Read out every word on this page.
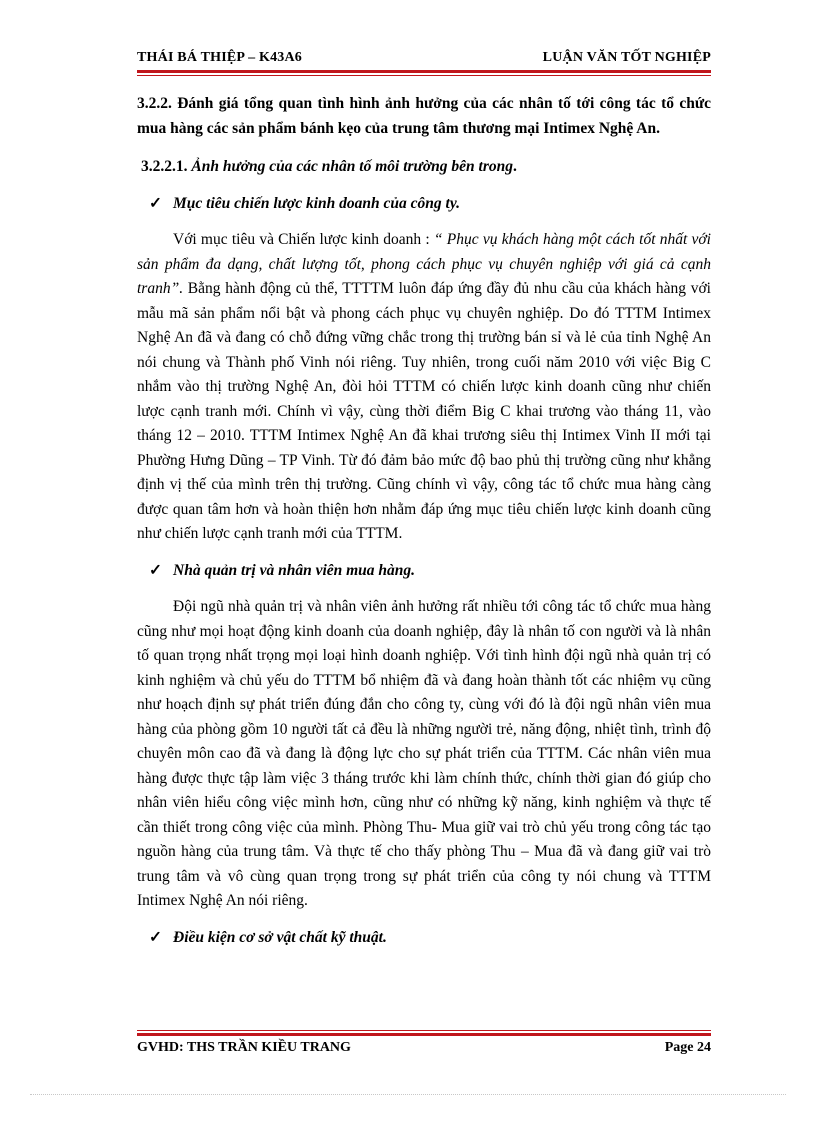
THÁI BÁ THIỆP – K43A6	LUẬN VĂN TỐT NGHIỆP

3.2.2. Đánh giá tổng quan tình hình ảnh hưởng của các nhân tố tới công tác tổ chức mua hàng các sản phẩm bánh kẹo của trung tâm thương mại Intimex Nghệ An.

3.2.2.1. Ảnh hưởng của các nhân tố môi trường bên trong.
✓ Mục tiêu chiến lược kinh doanh của công ty.

Với mục tiêu và Chiến lược kinh doanh : “ Phục vụ khách hàng một cách tốt nhất với sản phẩm đa dạng, chất lượng tốt, phong cách phục vụ chuyên nghiệp với giá cả cạnh tranh”. Bằng hành động củ thể, TTTTM luôn đáp ứng đầy đủ nhu cầu của khách hàng với mẫu mã sản phẩm nổi bật và phong cách phục vụ chuyên nghiệp. Do đó TTTM Intimex Nghệ An đã và đang có chỗ đứng vững chắc trong thị trường bán sỉ và lẻ của tỉnh Nghệ An nói chung và Thành phố Vinh nói riêng. Tuy nhiên, trong cuối năm 2010 với việc Big C nhắm vào thị trường Nghệ An, đòi hỏi TTTM có chiến lược kinh doanh cũng như chiến lược cạnh tranh mới. Chính vì vậy, cùng thời điểm Big C khai trương vào tháng 11, vào tháng 12 – 2010. TTTM Intimex Nghệ An đã khai trương siêu thị Intimex Vinh II mới tại Phường Hưng Dũng – TP Vinh. Từ đó đảm bảo mức độ bao phủ thị trường cũng như khẳng định vị thế của mình trên thị trường. Cũng chính vì vậy, công tác tổ chức mua hàng càng được quan tâm hơn và hoàn thiện hơn nhằm đáp ứng mục tiêu chiến lược kinh doanh cũng như chiến lược cạnh tranh mới của TTTM.

✓ Nhà quản trị và nhân viên mua hàng.

Đội ngũ nhà quản trị và nhân viên ảnh hưởng rất nhiều tới công tác tổ chức mua hàng cũng như mọi hoạt động kinh doanh của doanh nghiệp, đây là nhân tố con người và là nhân tố quan trọng nhất trọng mọi loại hình doanh nghiệp. Với tình hình đội ngũ nhà quản trị có kinh nghiệm và chủ yếu do TTTM bổ nhiệm đã và đang hoàn thành tốt các nhiệm vụ cũng như hoạch định sự phát triển đúng đắn cho công ty, cùng với đó là đội ngũ nhân viên mua hàng của phòng gồm 10 người tất cả đều là những người trẻ, năng động, nhiệt tình, trình độ chuyên môn cao đã và đang là động lực cho sự phát triển của TTTM. Các nhân viên mua hàng được thực tập làm việc 3 tháng trước khi làm chính thức, chính thời gian đó giúp cho nhân viên hiểu công việc mình hơn, cũng như có những kỹ năng, kinh nghiệm và thực tế cần thiết trong công việc của mình. Phòng Thu- Mua giữ vai trò chủ yếu trong công tác tạo nguồn hàng của trung tâm. Và thực tế cho thấy phòng Thu – Mua đã và đang giữ vai trò trung tâm và vô cùng quan trọng trong sự phát triển của công ty nói chung và TTTM Intimex Nghệ An nói riêng.

✓ Điều kiện cơ sở vật chất kỹ thuật.
GVHD: THS TRẦN KIỀU TRANG	Page 24
